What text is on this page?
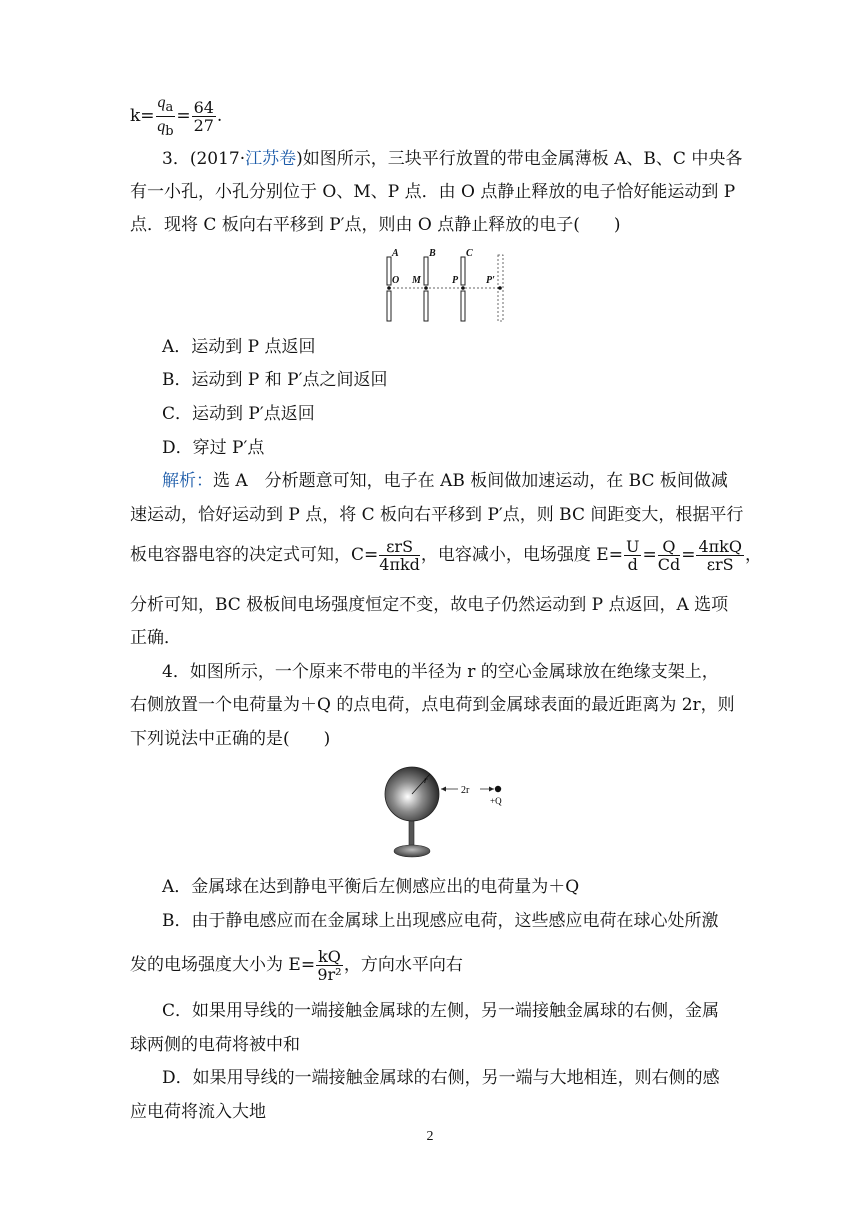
$k= \frac{q_a}{q_b} = \frac{64}{27}$ .
3．(2017·江苏卷)如图所示，三块平行放置的带电金属薄板 A、B、C 中央各
有一小孔，小孔分别位于 O、M、P 点．由 O 点静止释放的电子恰好能运动到 P
点．现将 C 板向右平移到 P′点，则由 O 点静止释放的电子(　　)
A	B	C
O M	P	P′
A．运动到 P 点返回
B．运动到 P 和 P′点之间返回
C．运动到 P′点返回
D．穿过 P′点
解析：选 A　分析题意可知，电子在 AB 板间做加速运动，在 BC 板间做减
速运动，恰好运动到 P 点，将 C 板向右平移到 P′点，则 BC 间距变大，根据平行
板电容器电容的决定式可知，$C= \frac{\text{εrS}}{\text{4πkd}}$ ，电容减小，电场强度 $E= \frac{U}{d} = \frac{Q}{Cd} = \frac{\text{4πkQ}}{\text{εrS}}$ ，
分析可知，BC 极板间电场强度恒定不变，故电子仍然运动到 P 点返回，A 选项
正确．
4．如图所示，一个原来不带电的半径为 r 的空心金属球放在绝缘支架上，
右侧放置一个电荷量为＋Q 的点电荷，点电荷到金属球表面的最近距离为 2r，则
下列说法中正确的是(　　)
r
2r
+Q
A．金属球在达到静电平衡后左侧感应出的电荷量为＋Q
B．由于静电感应而在金属球上出现感应电荷，这些感应电荷在球心处所激
发的电场强度大小为 $E= \frac{kQ}{\text{9r²}}$ ，方向水平向右
C．如果用导线的一端接触金属球的左侧，另一端接触金属球的右侧，金属
球两侧的电荷将被中和
D．如果用导线的一端接触金属球的右侧，另一端与大地相连，则右侧的感
应电荷将流入大地
2
